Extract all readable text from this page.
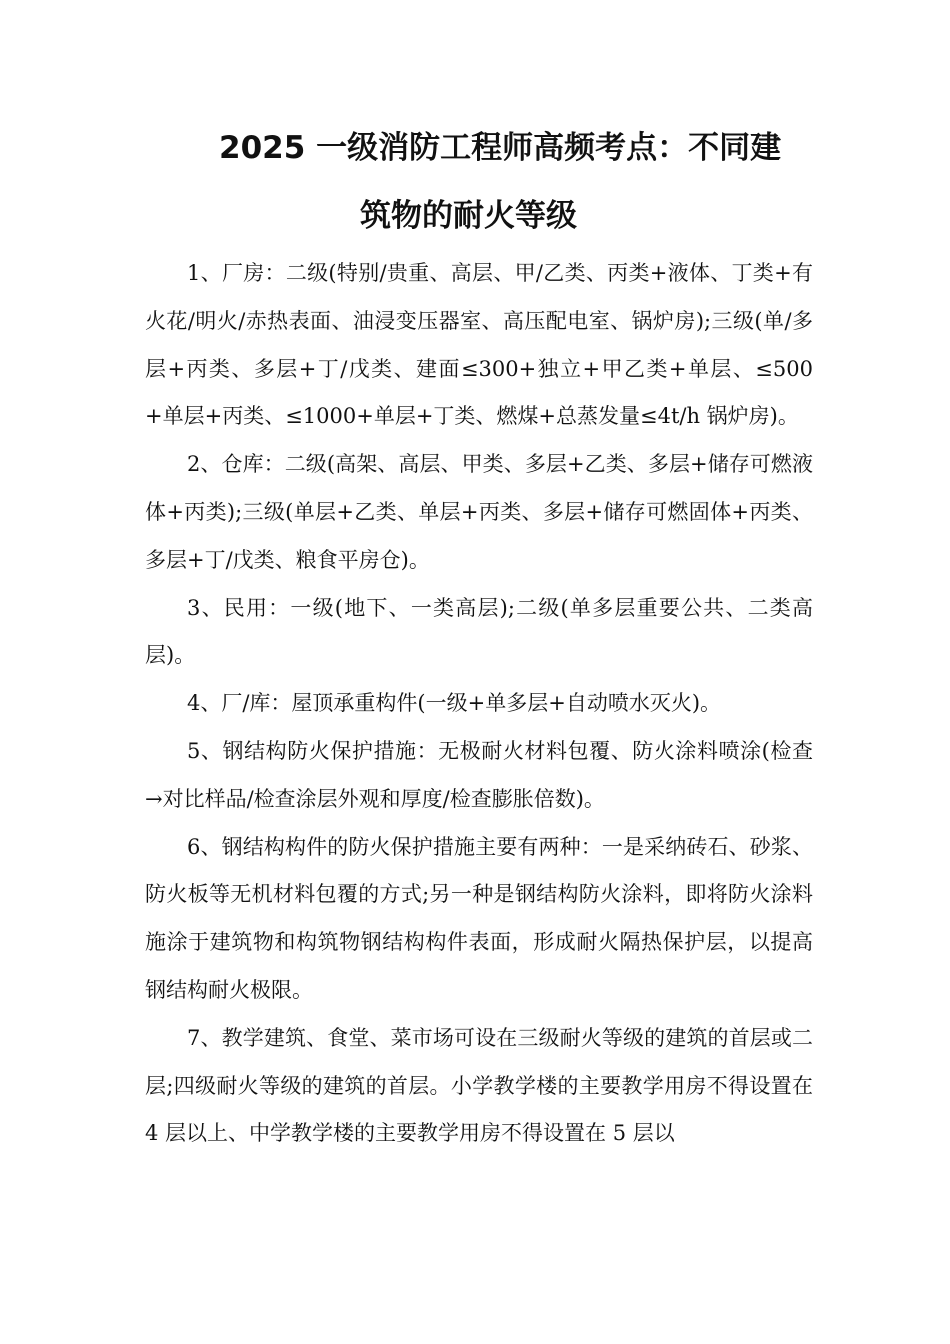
2025 一级消防工程师高频考点：不同建
筑物的耐火等级

1、厂房：二级(特别/贵重、高层、甲/乙类、丙类+液体、丁类+有火花/明火/赤热表面、油浸变压器室、高压配电室、锅炉房);三级(单/多层+丙类、多层+丁/戊类、建面≤300+独立+甲乙类+单层、≤500+单层+丙类、≤1000+单层+丁类、燃煤+总蒸发量≤4t/h 锅炉房)。

2、仓库：二级(高架、高层、甲类、多层+乙类、多层+储存可燃液体+丙类);三级(单层+乙类、单层+丙类、多层+储存可燃固体+丙类、多层+丁/戊类、粮食平房仓)。

3、民用：一级(地下、一类高层);二级(单多层重要公共、二类高层)。

4、厂/库：屋顶承重构件(一级+单多层+自动喷水灭火)。

5、钢结构防火保护措施：无极耐火材料包覆、防火涂料喷涂(检查→对比样品/检查涂层外观和厚度/检查膨胀倍数)。

6、钢结构构件的防火保护措施主要有两种：一是采纳砖石、砂浆、防火板等无机材料包覆的方式;另一种是钢结构防火涂料，即将防火涂料施涂于建筑物和构筑物钢结构构件表面，形成耐火隔热保护层，以提高钢结构耐火极限。

7、教学建筑、食堂、菜市场可设在三级耐火等级的建筑的首层或二层;四级耐火等级的建筑的首层。小学教学楼的主要教学用房不得设置在 4 层以上、中学教学楼的主要教学用房不得设置在 5 层以
